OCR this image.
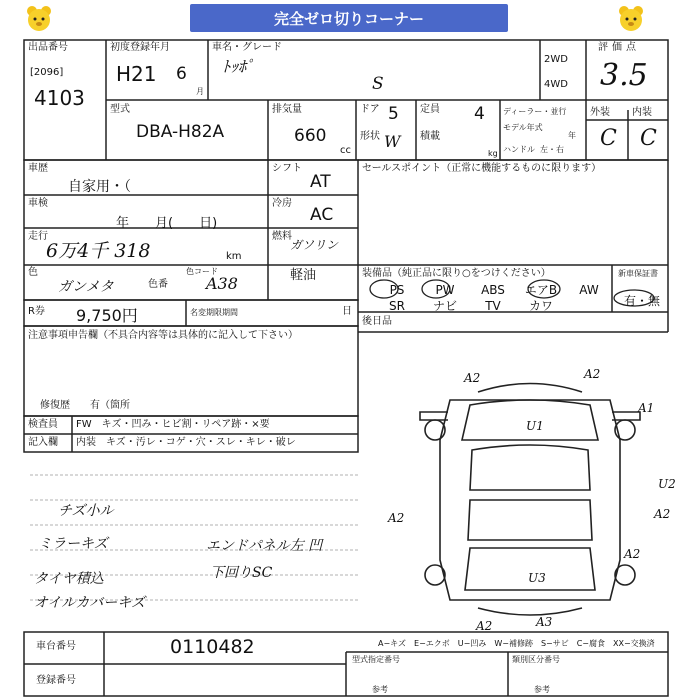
完全ゼロ切りコーナー
出品番号
[2096]
4103
初度登録年月
H21 6
月
車名・グレード
ﾄｯﾎﾟ
S
2WD
4WD
評価点
3.5
型式
DBA-H82A
排気量
660
cc
ドア 5
形状 W
定員 4
積載
kg
ディーラー・並行
モデル年式
年
ハンドル 左・右
外装 内装
C C
車歴
自家用・（
シフト
AT
セールスポイント（正常に機能するものに限ります）
車検
年　　月(　　日)
冷房
AC
走行
6万4千 318	km
燃料
ガソリン
軽油
色
ガンメタ	色番
色コード
A38
装備品（純正品に限り○をつけください）	新車保証書
有・無
PS	PW	ABS	エアB	AW
SR	ナビ	TV	カワ
R券 9,750円	名変期限期間	日
後日品
注意事項申告欄（不具合内容等は具体的に記入して下さい）
修復歴　　有（箇所
検査員
記入欄
FW　キズ・凹み・ヒビ割・リペア跡・×要
内装　キズ・汚レ・コゲ・穴・スレ・キレ・破レ
チズ小ル
ミラーキズ
タイヤ積込
オイルカバーキズ
エンドパネル左 凹
下回りSC
A2	A2
A1
U1
A2
U2
A2
U3
A2
A3
A2
A−キズ　E−エクボ　U−凹み　W−補修跡　S−サビ　C−腐食　XX−交換済
車台番号	0110482
登録番号
型式指定番号	類別区分番号
参考	参考
